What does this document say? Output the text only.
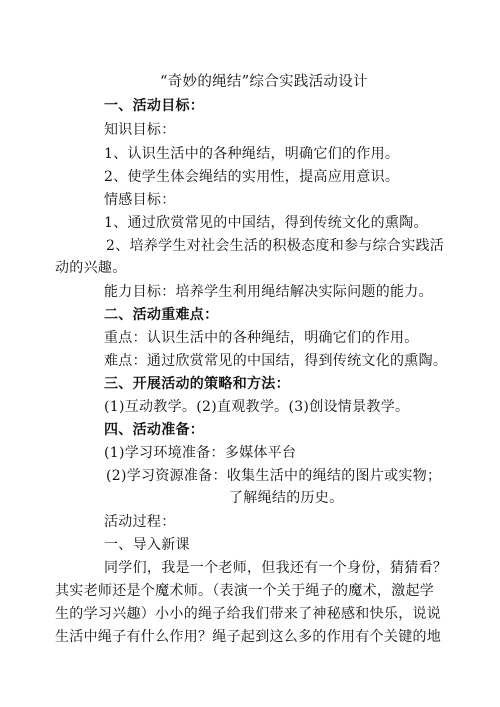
“奇妙的绳结”综合实践活动设计
一、活动目标：
知识目标：
1、认识生活中的各种绳结，明确它们的作用。
2、使学生体会绳结的实用性，提高应用意识。
情感目标：
1、通过欣赏常见的中国结，得到传统文化的熏陶。
2、培养学生对社会生活的积极态度和参与综合实践活
动的兴趣。
能力目标：培养学生利用绳结解决实际问题的能力。
二、活动重难点：
重点：认识生活中的各种绳结，明确它们的作用。
难点：通过欣赏常见的中国结，得到传统文化的熏陶。
三、开展活动的策略和方法：
(1)互动教学。(2)直观教学。(3)创设情景教学。
四、活动准备：
(1)学习环境准备：多媒体平台
(2)学习资源准备：收集生活中的绳结的图片或实物；
了解绳结的历史。
活动过程：
一、导入新课
同学们，我是一个老师，但我还有一个身份，猜猜看？
其实老师还是个魔术师。（表演一个关于绳子的魔术，激起学
生的学习兴趣）小小的绳子给我们带来了神秘感和快乐，说说
生活中绳子有什么作用？绳子起到这么多的作用有个关键的地
